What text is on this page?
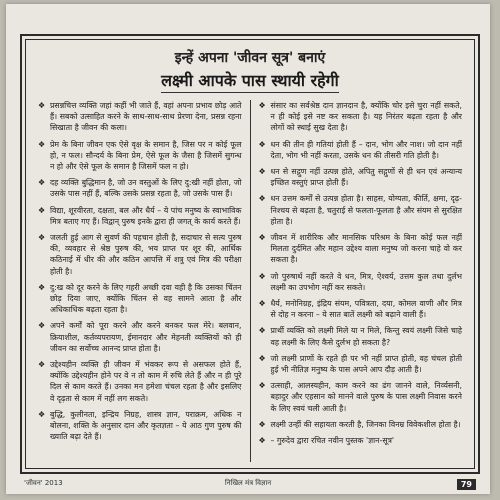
इन्हें अपना 'जीवन सूत्र' बनाएं
लक्ष्मी आपके पास स्थायी रहेगी
❖ प्रसन्नचित्त व्यक्ति जहां कहीं भी जाते हैं, वहां अपना प्रभाव छोड़ आते हैं। सबको उत्साहित करने के साथ-साथ-साथ प्रेरणा देना, प्रसन्न रहना सिखाता है जीवन की कला।
❖ प्रेम के बिना जीवन एक ऐसे वृक्ष के समान है, जिस पर न कोई फूल हो, न फल। सौन्दर्य के बिना प्रेम, ऐसे फूल के जैसा है जिसमें सुगन्ध न हो और ऐसे फूल के समान है जिसमें फल न हो।
❖ दह व्यक्ति बुद्धिमान है, जो उन वस्तुओं के लिए दु:खी नहीं होता, जो उसके पास नहीं हैं, बल्कि उसके प्रसन्न रहता है, जो उसके पास हैं।
❖ विद्या, शूरवीरता, दक्षता, बल और धैर्य – ये पांच मनुष्य के स्वाभाविक मित्र बताए गए हैं। विद्वान् पुरुष इनके द्वारा ही जगत् के कार्य करते हैं।
❖ जलती हुई आग से सुवर्ण की पहचान होती है, सदाचार से सत्य पुरुष की, व्यवहार से श्रेष्ठ पुरुष की, भय प्राप्त पर शूर की, आर्थिक कठिनाई में धीर की और कठिन आपत्ति में शत्रु एवं मित्र की परीक्षा होती है।
❖ दु:ख को दूर करने के लिए गहरी अच्छी दवा यही है कि उसका चिंतन छोड़ दिया जाए, क्योंकि चिंतन से वह सामने आता है और अधिकाधिक बढ़ता रहता है।
❖ अपने कर्मों को पूरा करने और करने बनकर फल मेरे। बलवान, क्रियाशील, कर्तव्यपरायण, ईमानदार और मेहनती व्यक्तियों को ही जीवन का सर्वोच्च आनन्द प्राप्त होता है।
❖ उद्देश्यहीन व्यक्ति ही जीवन में भंवकर रूप से असफल होते हैं, क्योंकि उद्देश्यहीन होने पर वे न तो काम में रुचि लेते हैं और न ही पूरे दिल से काम करते हैं। उनका मन हमेशा चंचल रहता है और इसलिए वे दृढ़ता से काम में नहीं लग सकते।
❖ बुद्धि, कुलीनता, इन्द्रिय निग्रह, शास्त्र ज्ञान, पराक्रम, अधिक न बोलना, शक्ति के अनुसार दान और कृतज्ञता – ये आठ गुण पुरुष की ख्याति बढ़ा देते हैं।
❖ संसार का सर्वश्रेष्ठ दान ज्ञानदान है, क्योंकि चोर इसे चुरा नहीं सकते, न ही कोई इसे नष्ट कर सकता है। यह निरंतर बढ़ता रहता है और लोगों को स्थाई सुख देता है।
❖ धन की तीन ही गतियां होती हैं – दान, भोग और नाश। जो दान नहीं देता, भोग भी नहीं करता, उसके धन की तीसरी गति होती है।
❖ धन से सद्गुण नहीं उत्पन्न होते, अपितु सद्गुणों से ही धन एवं अन्यान्य इच्छित वस्तुएं प्राप्त होती हैं।
❖ धन उत्तम कर्मों से उत्पन्न होता है। साहस, योग्यता, कीर्ति, क्षमा, दृढ़-निश्चय से बढ़ता है, चतुराई से फलता-फूलता है और संयम से सुरक्षित होता है।
❖ जीवन में शारीरिक और मानसिक परिश्रम के बिना कोई फल नहीं मिलता दुर्दमित और महान उद्देश्य वाला मनुष्य जो करना चाहे वो कर सकता है।
❖ जो पुरुषार्थ नहीं करते वे धन, मित्र, ऐश्वर्य, उत्तम कुल तथा दुर्लभ लक्ष्मी का उपभोग नहीं कर सकते।
❖ धैर्य, मनोनिग्रह, इंद्रिय संयम, पवित्रता, दया, कोमल वाणी और मित्र से दोह न करना – ये सात बातें लक्ष्मी को बढ़ाने वाली हैं।
❖ प्रार्थी व्यक्ति को लक्ष्मी मिले या न मिले, किन्तु स्वयं लक्ष्मी जिसे चाहे वह लक्ष्मी के लिए कैसे दुर्लभ हो सकता है?
❖ जो लक्ष्मी प्राणों के रहते ही पर भी नहीं प्राप्त होती, वह चंचल होती हुई भी नीतिज्ञ मनुष्य के पास अपने आप दौड़ आती है।
❖ उत्साही, आलस्यहीन, काम करने का ढंग जानने वाले, निर्व्यसनी, बहादुर और एहसान को मानने वाले पुरुष के पास लक्ष्मी निवास करने के लिए स्वयं चली आती है।
❖ लक्ष्मी उन्हीं की सहायता करती है, जिनका विनम्र विवेकशील होता है।
❖ – गुरुदेव द्वारा रचित नवीन पुस्तक 'ज्ञान-सूत्र'
'जीवन' 2013	निखिल मंत्र विज्ञान	79
